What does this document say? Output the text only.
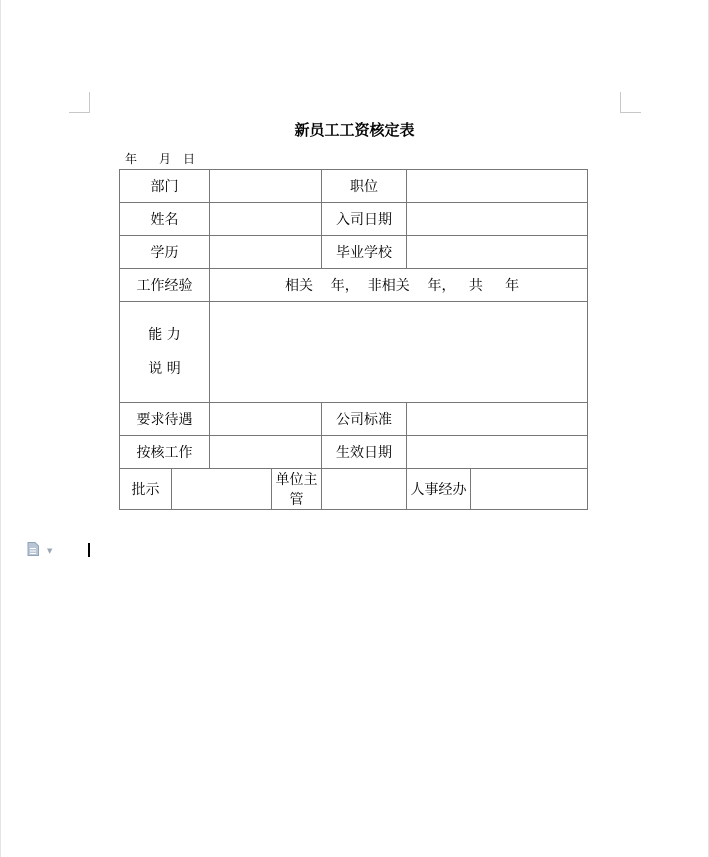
新员工工资核定表
年 月 日
部门				职位		
姓名				入司日期		
学历				毕业学校		
工作经验		相关    年，  非相关    年，   共     年				

能 力
说 明						

要求待遇				公司标准		
按核工作				生效日期		
批示			单位主管		人事经办	
▼
